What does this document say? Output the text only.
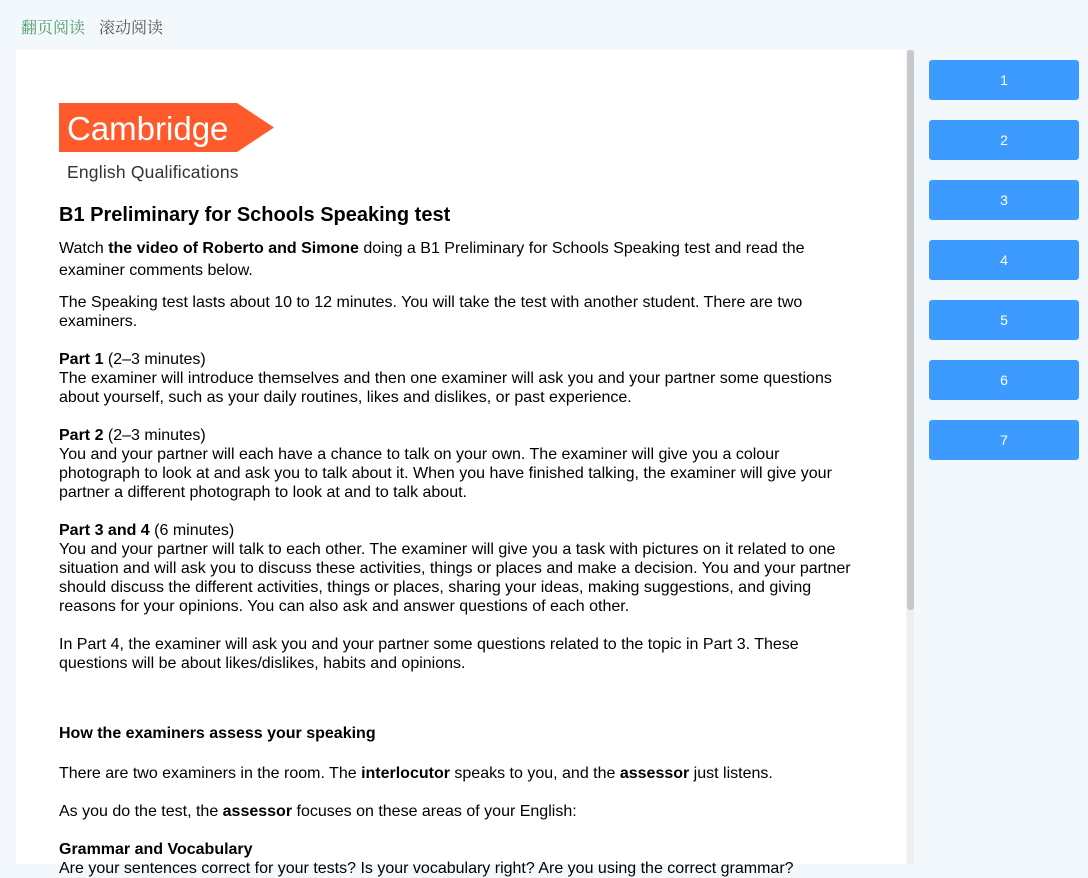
翻页阅读 滚动阅读
Cambridge
English Qualifications
B1 Preliminary for Schools Speaking test

Watch the video of Roberto and Simone doing a B1 Preliminary for Schools Speaking test and read the examiner comments below.

The Speaking test lasts about 10 to 12 minutes. You will take the test with another student. There are two examiners.

Part 1 (2–3 minutes)
The examiner will introduce themselves and then one examiner will ask you and your partner some questions about yourself, such as your daily routines, likes and dislikes, or past experience.

Part 2 (2–3 minutes)
You and your partner will each have a chance to talk on your own. The examiner will give you a colour photograph to look at and ask you to talk about it. When you have finished talking, the examiner will give your partner a different photograph to look at and to talk about.

Part 3 and 4 (6 minutes)
You and your partner will talk to each other. The examiner will give you a task with pictures on it related to one situation and will ask you to discuss these activities, things or places and make a decision. You and your partner should discuss the different activities, things or places, sharing your ideas, making suggestions, and giving reasons for your opinions. You can also ask and answer questions of each other.

In Part 4, the examiner will ask you and your partner some questions related to the topic in Part 3. These questions will be about likes/dislikes, habits and opinions.

How the examiners assess your speaking

There are two examiners in the room. The interlocutor speaks to you, and the assessor just listens.

As you do the test, the assessor focuses on these areas of your English:

Grammar and Vocabulary
Are your sentences correct for your tests? Is your vocabulary right? Are you using the correct grammar?

1
2
3
4
5
6
7
